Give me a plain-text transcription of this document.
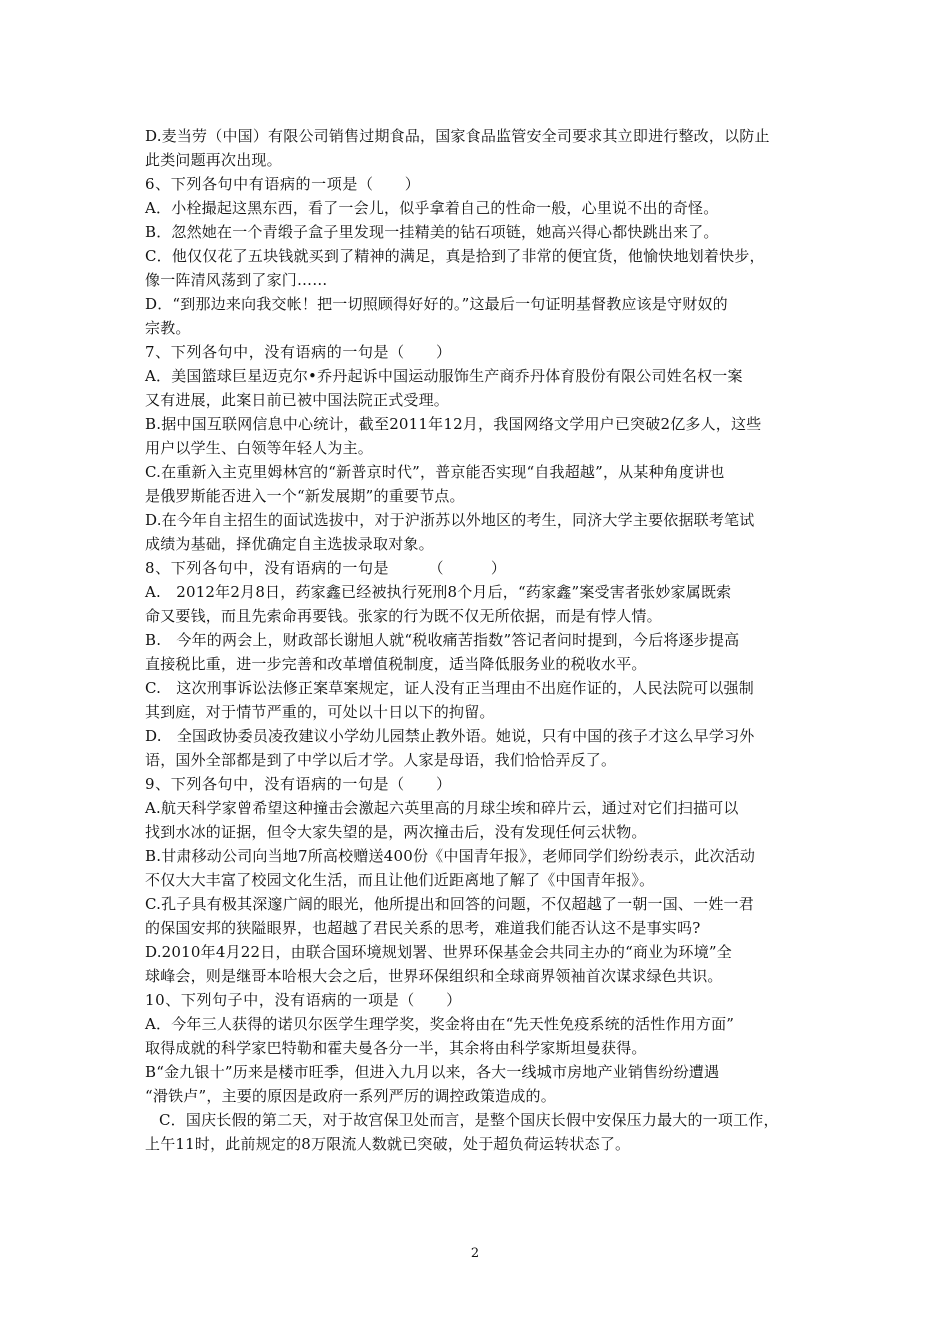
D.麦当劳（中国）有限公司销售过期食品，国家食品监管安全司要求其立即进行整改，以防止
此类问题再次出现。
6、下列各句中有语病的一项是（　　）
A．小栓撮起这黑东西，看了一会儿，似乎拿着自己的性命一般，心里说不出的奇怪。
B．忽然她在一个青缎子盒子里发现一挂精美的钻石项链，她高兴得心都快跳出来了。
C．他仅仅花了五块钱就买到了精神的满足，真是拾到了非常的便宜货，他愉快地划着快步，
像一阵清风荡到了家门……
D．“到那边来向我交帐！把一切照顾得好好的。”这最后一句证明基督教应该是守财奴的
宗教。
7、下列各句中，没有语病的一句是（　　）
A．美国篮球巨星迈克尔•乔丹起诉中国运动服饰生产商乔丹体育股份有限公司姓名权一案
又有进展，此案日前已被中国法院正式受理。
B.据中国互联网信息中心统计，截至2011年12月，我国网络文学用户已突破2亿多人，这些
用户以学生、白领等年轻人为主。
C.在重新入主克里姆林宫的“新普京时代”，普京能否实现“自我超越”，从某种角度讲也
是俄罗斯能否进入一个“新发展期”的重要节点。
D.在今年自主招生的面试选拔中，对于沪浙苏以外地区的考生，同济大学主要依据联考笔试
成绩为基础，择优确定自主选拔录取对象。
8、下列各句中，没有语病的一句是　　　（　　　）
A.　2012年2月8日，药家鑫已经被执行死刑8个月后，“药家鑫”案受害者张妙家属既索
命又要钱，而且先索命再要钱。张家的行为既不仅无所依据，而是有悖人情。
B.　今年的两会上，财政部长谢旭人就“税收痛苦指数”答记者问时提到，今后将逐步提高
直接税比重，进一步完善和改革增值税制度，适当降低服务业的税收水平。
C.　这次刑事诉讼法修正案草案规定，证人没有正当理由不出庭作证的，人民法院可以强制
其到庭，对于情节严重的，可处以十日以下的拘留。
D.　全国政协委员凌孜建议小学幼儿园禁止教外语。她说，只有中国的孩子才这么早学习外
语，国外全部都是到了中学以后才学。人家是母语，我们恰恰弄反了。
9、下列各句中，没有语病的一句是（　　）
A.航天科学家曾希望这种撞击会激起六英里高的月球尘埃和碎片云，通过对它们扫描可以
找到水冰的证据，但令大家失望的是，两次撞击后，没有发现任何云状物。
B.甘肃移动公司向当地7所高校赠送400份《中国青年报》，老师同学们纷纷表示，此次活动
不仅大大丰富了校园文化生活，而且让他们近距离地了解了《中国青年报》。
C.孔子具有极其深邃广阔的眼光，他所提出和回答的问题，不仅超越了一朝一国、一姓一君
的保国安邦的狭隘眼界，也超越了君民关系的思考，难道我们能否认这不是事实吗?
D.2010年4月22日，由联合国环境规划署、世界环保基金会共同主办的“商业为环境”全
球峰会，则是继哥本哈根大会之后，世界环保组织和全球商界领袖首次谋求绿色共识。
10、下列句子中，没有语病的一项是（　　）
A．今年三人获得的诺贝尔医学生理学奖，奖金将由在“先天性免疫系统的活性作用方面”
取得成就的科学家巴特勒和霍夫曼各分一半，其余将由科学家斯坦曼获得。
B“金九银十”历来是楼市旺季，但进入九月以来，各大一线城市房地产业销售纷纷遭遇
“滑铁卢”，主要的原因是政府一系列严厉的调控政策造成的。
C．国庆长假的第二天，对于故宫保卫处而言，是整个国庆长假中安保压力最大的一项工作，
上午11时，此前规定的8万限流人数就已突破，处于超负荷运转状态了。
2
